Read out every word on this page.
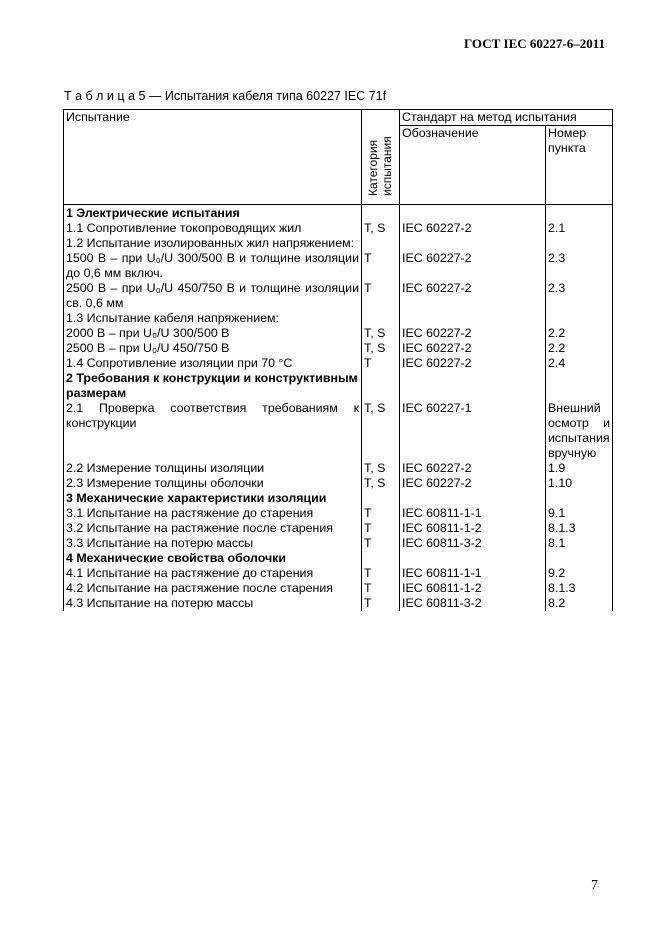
ГОСТ IEC 60227-6–2011
Т а б л и ц а 5 — Испытания кабеля типа 60227 IEC 71f
Испытание	Категория испытания	Стандарт на метод испытания	
		Обозначение	Номер пункта
1 Электрические испытания			
1.1 Сопротивление токопроводящих жил	T, S	IEC 60227-2	2.1
1.2 Испытание изолированных жил напряжением:			
1500 В – при U₀/U 300/500 В и толщине изоляции до 0,6 мм включ.	T	IEC 60227-2	2.3
2500 В – при U₀/U 450/750 В и толщине изоляции св. 0,6 мм	T	IEC 60227-2	2.3
1.3 Испытание кабеля напряжением:			
2000 В – при U₀/U 300/500 В	T, S	IEC 60227-2	2.2
2500 В – при U₀/U 450/750 В	T, S	IEC 60227-2	2.2
1.4 Сопротивление изоляции при 70 °C	T	IEC 60227-2	2.4
2 Требования к конструкции и конструктивным размерам			
2.1 Проверка соответствия требованиям к конструкции	T, S	IEC 60227-1	Внешний осмотр и испытания вручную
2.2 Измерение толщины изоляции	T, S	IEC 60227-2	1.9
2.3 Измерение толщины оболочки	T, S	IEC 60227-2	1.10
3 Механические характеристики изоляции			
3.1 Испытание на растяжение до старения	T	IEC 60811-1-1	9.1
3.2 Испытание на растяжение после старения	T	IEC 60811-1-2	8.1.3
3.3 Испытание на потерю массы	T	IEC 60811-3-2	8.1
4 Механические свойства оболочки			
4.1 Испытание на растяжение до старения	T	IEC 60811-1-1	9.2
4.2 Испытание на растяжение после старения	T	IEC 60811-1-2	8.1.3
4.3 Испытание на потерю массы	T	IEC 60811-3-2	8.2
7
